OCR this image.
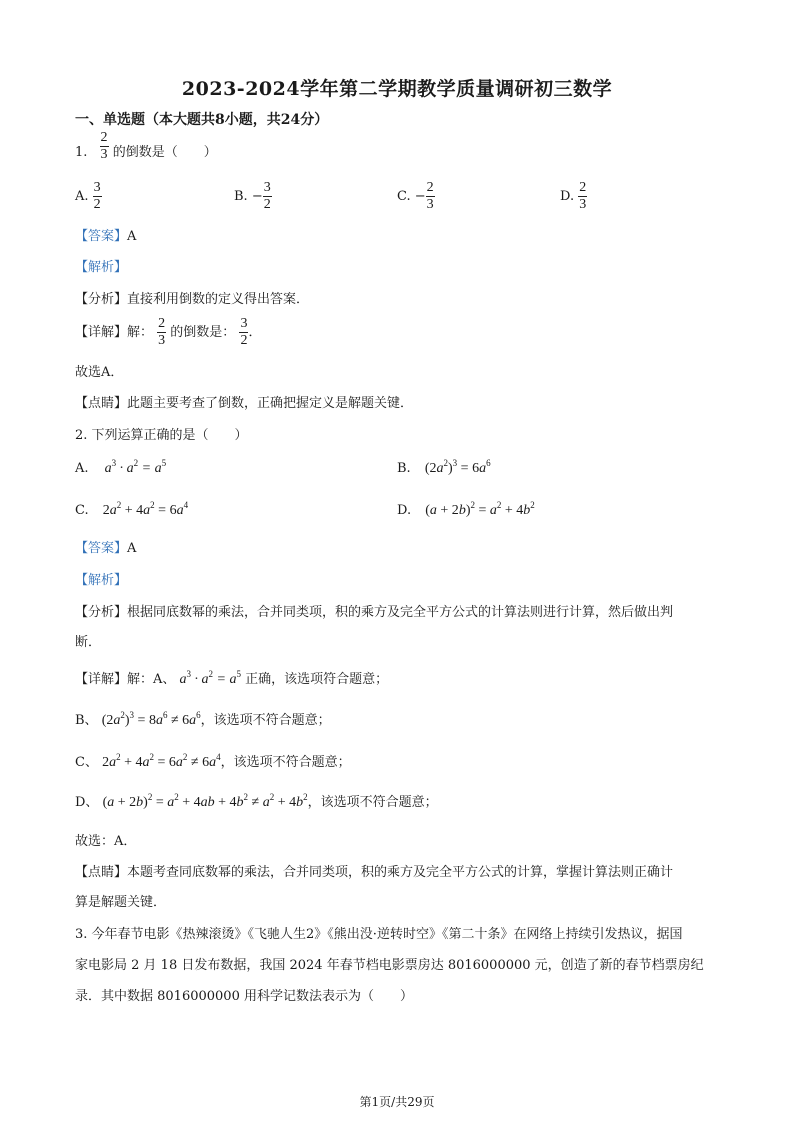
2023-2024学年第二学期教学质量调研初三数学
一、单选题（本大题共8小题，共24分）
1. $\frac{2}{3}$ 的倒数是（　　）
A. $\frac{3}{2}$	B. − $\frac{3}{2}$	C. − $\frac{2}{3}$	D. $\frac{2}{3}$
【答案】A
【解析】
【分析】直接利用倒数的定义得出答案．
【详解】解： $\frac{2}{3}$ 的倒数是： $\frac{3}{2}$ ．
故选A．
【点睛】此题主要考查了倒数，正确把握定义是解题关键．
2. 下列运算正确的是（　　）
A. $a^3 \cdot a^2 = a^5$	B. $(2a^2)^3 = 6a^6$
C. $2a^2 + 4a^2 = 6a^4$	D. $(a + 2b)^2 = a^2 + 4b^2$
【答案】A
【解析】
【分析】根据同底数幂的乘法，合并同类项，积的乘方及完全平方公式的计算法则进行计算，然后做出判
断．
【详解】解：A、 $a^3 \cdot a^2 = a^5$ 正确，该选项符合题意；
B、 $(2a^2)^3 = 8a^6 \ne 6a^6$，该选项不符合题意；
C、 $2a^2 + 4a^2 = 6a^2 \ne 6a^4$，该选项不符合题意；
D、 $(a + 2b)^2 = a^2 + 4ab + 4b^2 \ne a^2 + 4b^2$，该选项不符合题意；
故选：A．
【点睛】本题考查同底数幂的乘法，合并同类项，积的乘方及完全平方公式的计算，掌握计算法则正确计
算是解题关键．
3. 今年春节电影《热辣滚烫》《飞驰人生2》《熊出没·逆转时空》《第二十条》在网络上持续引发热议，据国
家电影局 2 月 18 日发布数据，我国 2024 年春节档电影票房达 8016000000 元，创造了新的春节档票房纪
录．其中数据 8016000000 用科学记数法表示为（　　）
第1页/共29页
